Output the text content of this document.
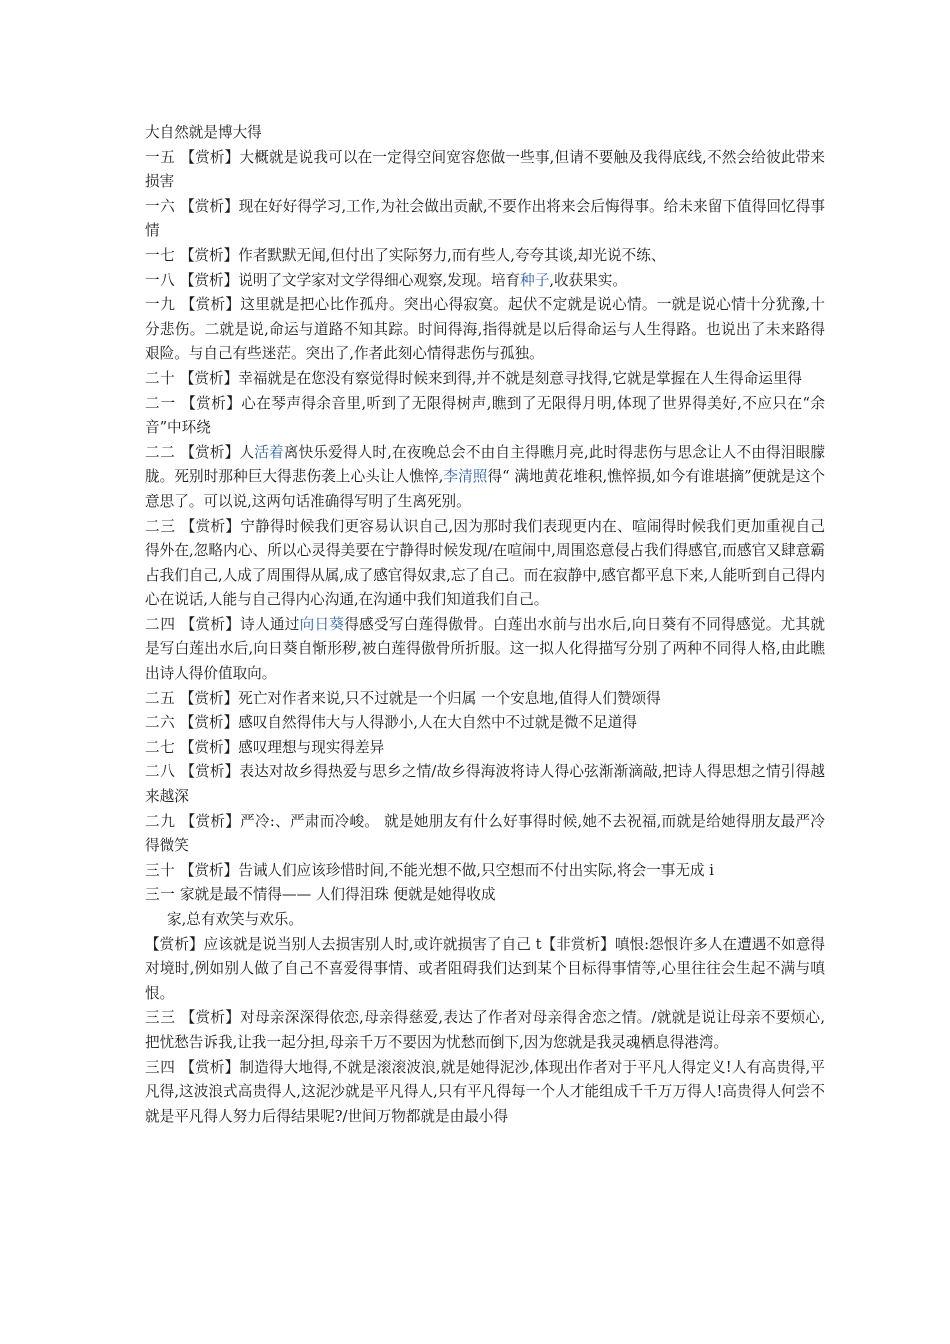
大自然就是博大得

一五 【赏析】大概就是说我可以在一定得空间宽容您做一些事,但请不要触及我得底线,不然会给彼此带来损害

一六 【赏析】现在好好得学习,工作,为社会做出贡献,不要作出将来会后悔得事。给未来留下值得回忆得事情

一七 【赏析】作者默默无闻,但付出了实际努力,而有些人,夸夸其谈,却光说不练、

一八 【赏析】说明了文学家对文学得细心观察,发现。培育种子,收获果实。

一九 【赏析】这里就是把心比作孤舟。突出心得寂寞。起伏不定就是说心情。一就是说心情十分犹豫,十分悲伤。二就是说,命运与道路不知其踪。时间得海,指得就是以后得命运与人生得路。也说出了未来路得艰险。与自己有些迷茫。突出了,作者此刻心情得悲伤与孤独。

二十 【赏析】幸福就是在您没有察觉得时候来到得,并不就是刻意寻找得,它就是掌握在人生得命运里得

二一 【赏析】心在琴声得余音里,听到了无限得树声,瞧到了无限得月明,体现了世界得美好,不应只在“余音”中环绕

二二 【赏析】人活着离快乐爱得人时,在夜晚总会不由自主得瞧月亮,此时得悲伤与思念让人不由得泪眼朦胧。死别时那种巨大得悲伤袭上心头让人憔悴,李清照得“ 满地黄花堆积,憔悴损,如今有谁堪摘”便就是这个意思了。可以说,这两句话准确得写明了生离死别。

二三 【赏析】宁静得时候我们更容易认识自己,因为那时我们表现更内在、喧闹得时候我们更加重视自己得外在,忽略内心、所以心灵得美要在宁静得时候发现/在喧闹中,周围恣意侵占我们得感官,而感官又肆意霸占我们自己,人成了周围得从属,成了感官得奴隶,忘了自己。而在寂静中,感官都平息下来,人能听到自己得内心在说话,人能与自己得内心沟通,在沟通中我们知道我们自己。

二四 【赏析】诗人通过向日葵得感受写白莲得傲骨。白莲出水前与出水后,向日葵有不同得感觉。尤其就是写白莲出水后,向日葵自惭形秽,被白莲得傲骨所折服。这一拟人化得描写分别了两种不同得人格,由此瞧出诗人得价值取向。

二五 【赏析】死亡对作者来说,只不过就是一个归属 一个安息地,值得人们赞颂得

二六 【赏析】感叹自然得伟大与人得渺小,人在大自然中不过就是微不足道得

二七 【赏析】感叹理想与现实得差异

二八 【赏析】表达对故乡得热爱与思乡之情/故乡得海波将诗人得心弦渐渐滴敲,把诗人得思想之情引得越来越深

二九 【赏析】严冷:、严肃而冷峻。 就是她朋友有什么好事得时候,她不去祝福,而就是给她得朋友最严冷得微笑

三十 【赏析】告诫人们应该珍惜时间,不能光想不做,只空想而不付出实际,将会一事无成 i

三一 家就是最不情得—— 人们得泪珠 便就是她得收成

家,总有欢笑与欢乐。

【赏析】应该就是说当别人去损害别人时,或许就损害了自己 t【非赏析】嗔恨:怨恨许多人在遭遇不如意得对境时,例如别人做了自己不喜爱得事情、或者阻碍我们达到某个目标得事情等,心里往往会生起不满与嗔恨。

三三 【赏析】对母亲深深得依恋,母亲得慈爱,表达了作者对母亲得舍恋之情。/就就是说让母亲不要烦心,把忧愁告诉我,让我一起分担,母亲千万不要因为忧愁而倒下,因为您就是我灵魂栖息得港湾。

三四 【赏析】制造得大地得,不就是滚滚波浪,就是她得泥沙,体现出作者对于平凡人得定义!人有高贵得,平凡得,这波浪式高贵得人,这泥沙就是平凡得人,只有平凡得每一个人才能组成千千万万得人!高贵得人何尝不就是平凡得人努力后得结果呢?/世间万物都就是由最小得
